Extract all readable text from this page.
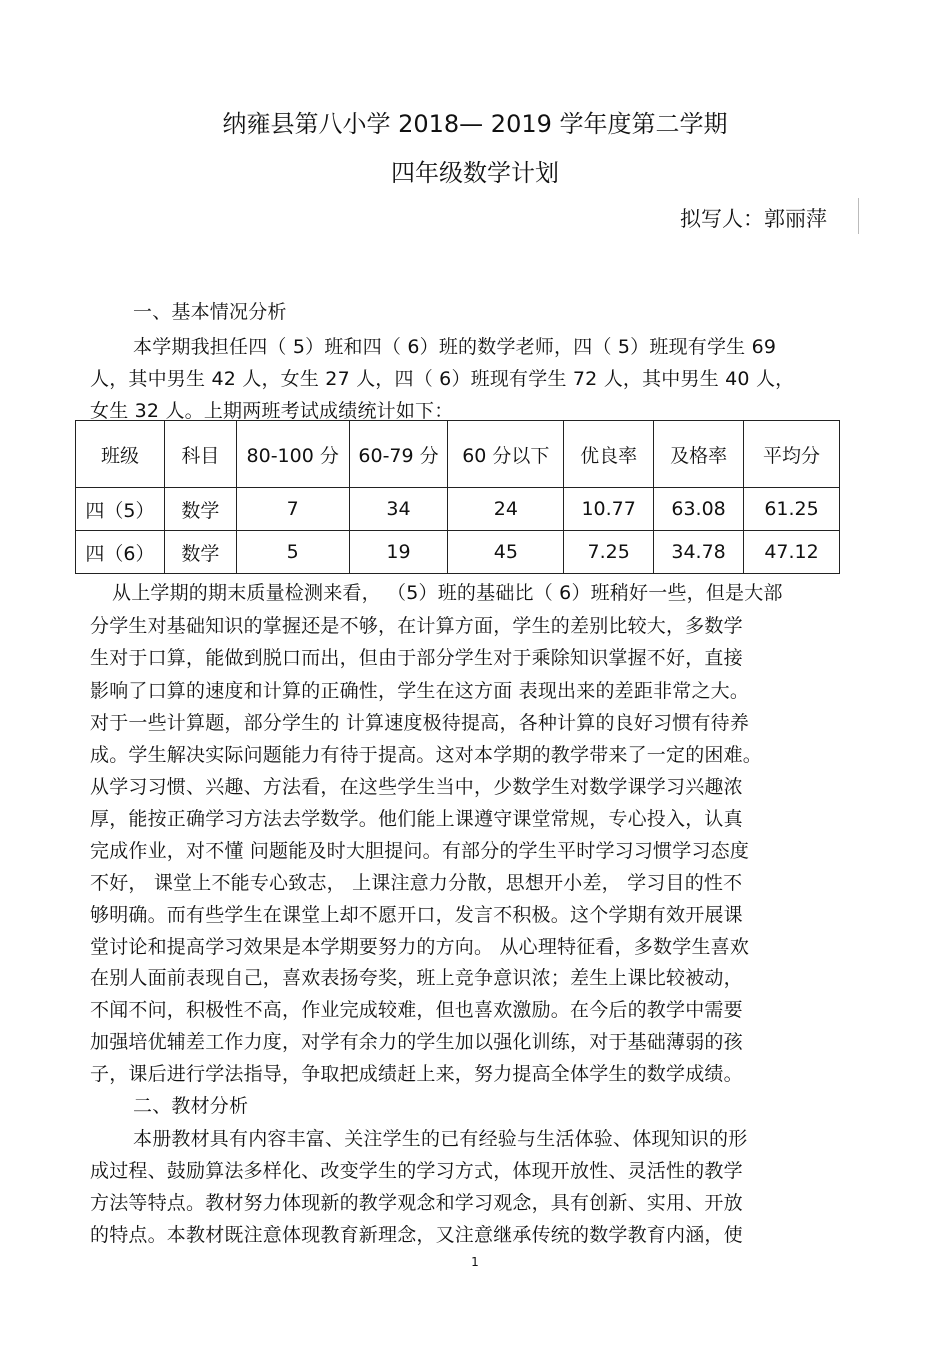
纳雍县第八小学 2018— 2019 学年度第二学期
四年级数学计划
拟写人：郭丽萍
一、基本情况分析
本学期我担任四（ 5）班和四（ 6）班的数学老师，四（ 5）班现有学生 69
人，其中男生 42 人，女生 27 人，四（ 6）班现有学生 72 人，其中男生 40 人，
女生 32 人。上期两班考试成绩统计如下：
班级	科目	80-100 分	60-79 分	60 分以下	优良率	及格率	平均分
四（5）	数学	7	34	24	10.77	63.08	61.25
四（6）	数学	5	19	45	7.25	34.78	47.12
从上学期的期末质量检测来看， （5）班的基础比（ 6）班稍好一些，但是大部
分学生对基础知识的掌握还是不够，在计算方面，学生的差别比较大，多数学
生对于口算，能做到脱口而出，但由于部分学生对于乘除知识掌握不好，直接
影响了口算的速度和计算的正确性，学生在这方面 表现出来的差距非常之大。
对于一些计算题，部分学生的 计算速度极待提高，各种计算的良好习惯有待养
成。学生解决实际问题能力有待于提高。这对本学期的教学带来了一定的困难。
从学习习惯、兴趣、方法看，在这些学生当中，少数学生对数学课学习兴趣浓
厚，能按正确学习方法去学数学。他们能上课遵守课堂常规，专心投入，认真
完成作业，对不懂 问题能及时大胆提问。有部分的学生平时学习习惯学习态度
不好， 课堂上不能专心致志， 上课注意力分散，思想开小差， 学习目的性不
够明确。而有些学生在课堂上却不愿开口，发言不积极。这个学期有效开展课
堂讨论和提高学习效果是本学期要努力的方向。 从心理特征看，多数学生喜欢
在别人面前表现自己，喜欢表扬夸奖，班上竞争意识浓；差生上课比较被动，
不闻不问，积极性不高，作业完成较难，但也喜欢激励。在今后的教学中需要
加强培优辅差工作力度，对学有余力的学生加以强化训练，对于基础薄弱的孩
子，课后进行学法指导，争取把成绩赶上来，努力提高全体学生的数学成绩。
二、教材分析
本册教材具有内容丰富、关注学生的已有经验与生活体验、体现知识的形
成过程、鼓励算法多样化、改变学生的学习方式，体现开放性、灵活性的教学
方法等特点。教材努力体现新的教学观念和学习观念，具有创新、实用、开放
的特点。本教材既注意体现教育新理念，又注意继承传统的数学教育内涵，使
1
